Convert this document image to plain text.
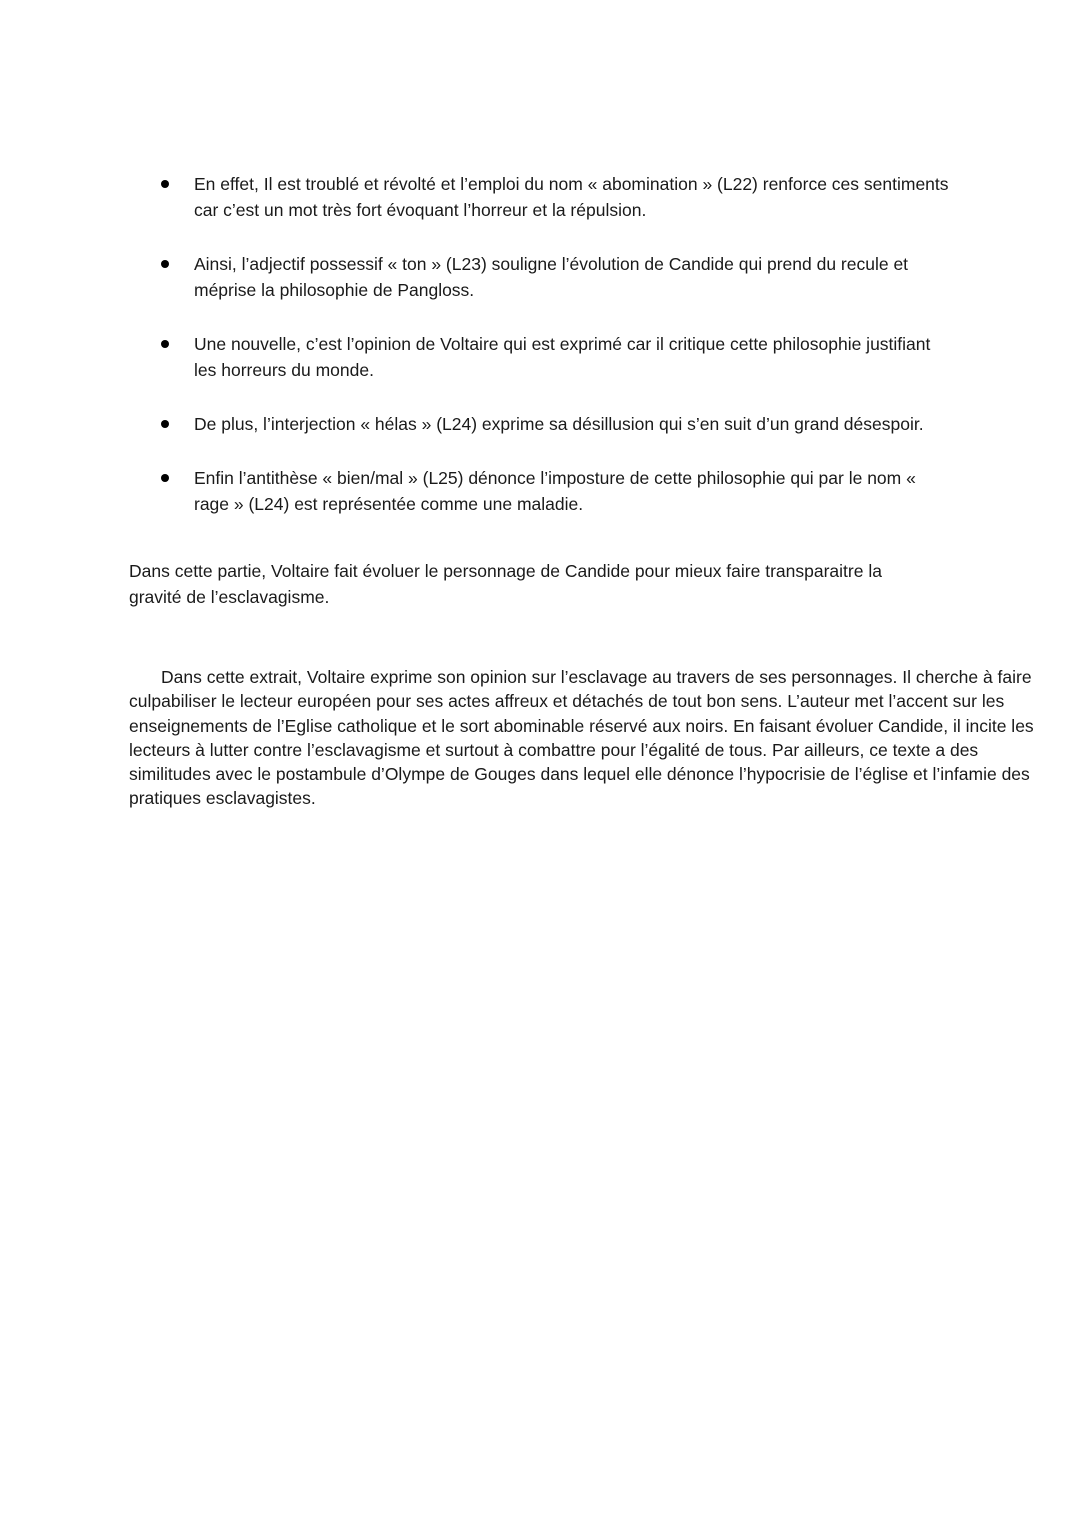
En effet, Il est troublé et révolté et l’emploi du nom « abomination » (L22) renforce ces sentiments car c’est un mot très fort évoquant l’horreur et la répulsion.
Ainsi, l’adjectif possessif « ton » (L23) souligne l’évolution de Candide qui prend du recule et méprise la philosophie de Pangloss.
Une nouvelle, c’est l’opinion de Voltaire qui est exprimé car il critique cette philosophie justifiant les horreurs du monde.
De plus, l’interjection « hélas » (L24) exprime sa désillusion qui s’en suit d’un grand désespoir.
Enfin l’antithèse « bien/mal » (L25) dénonce l’imposture de cette philosophie qui par le nom « rage » (L24) est représentée comme une maladie.

Dans cette partie, Voltaire fait évoluer le personnage de Candide pour mieux faire transparaitre la gravité de l’esclavagisme.

Dans cette extrait, Voltaire exprime son opinion sur l’esclavage au travers de ses personnages. Il cherche à faire culpabiliser le lecteur européen pour ses actes affreux et détachés de tout bon sens. L’auteur met l’accent sur les enseignements de l’Eglise catholique et le sort abominable réservé aux noirs. En faisant évoluer Candide, il incite les lecteurs à lutter contre l’esclavagisme et surtout à combattre pour l’égalité de tous. Par ailleurs, ce texte a des similitudes avec le postambule d’Olympe de Gouges dans lequel elle dénonce l’hypocrisie de l’église et l’infamie des pratiques esclavagistes.
